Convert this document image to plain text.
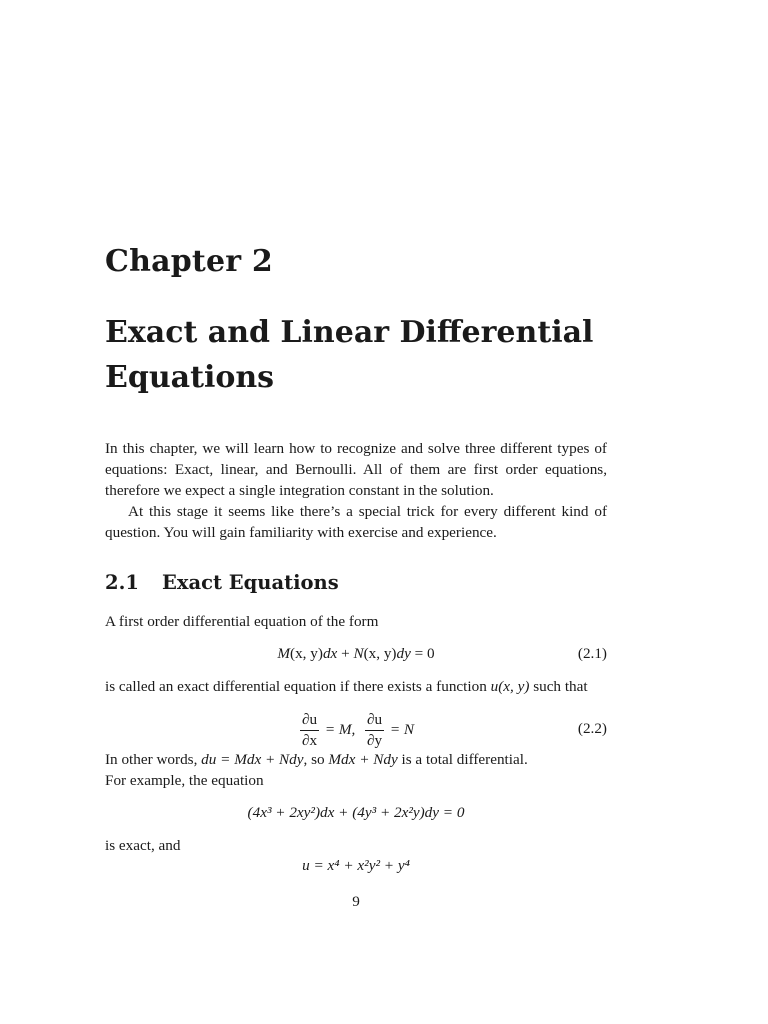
Chapter 2
Exact and Linear Differential Equations

In this chapter, we will learn how to recognize and solve three different types of equations: Exact, linear, and Bernoulli. All of them are first order equations, therefore we expect a single integration constant in the solution.

At this stage it seems like there’s a special trick for every different kind of question. You will gain familiarity with exercise and experience.

2.1 Exact Equations

A first order differential equation of the form

M(x, y)dx + N(x, y)dy = 0	(2.1)

is called an exact differential equation if there exists a function u(x, y) such that

$\frac{\partial u}{\partial x} = M$, $\frac{\partial u}{\partial y} = N$	(2.2)

In other words, du = Mdx + Ndy, so Mdx + Ndy is a total differential.

For example, the equation

(4x³ + 2xy²)dx + (4y³ + 2x²y)dy = 0

is exact, and

u = x⁴ + x²y² + y⁴
9
